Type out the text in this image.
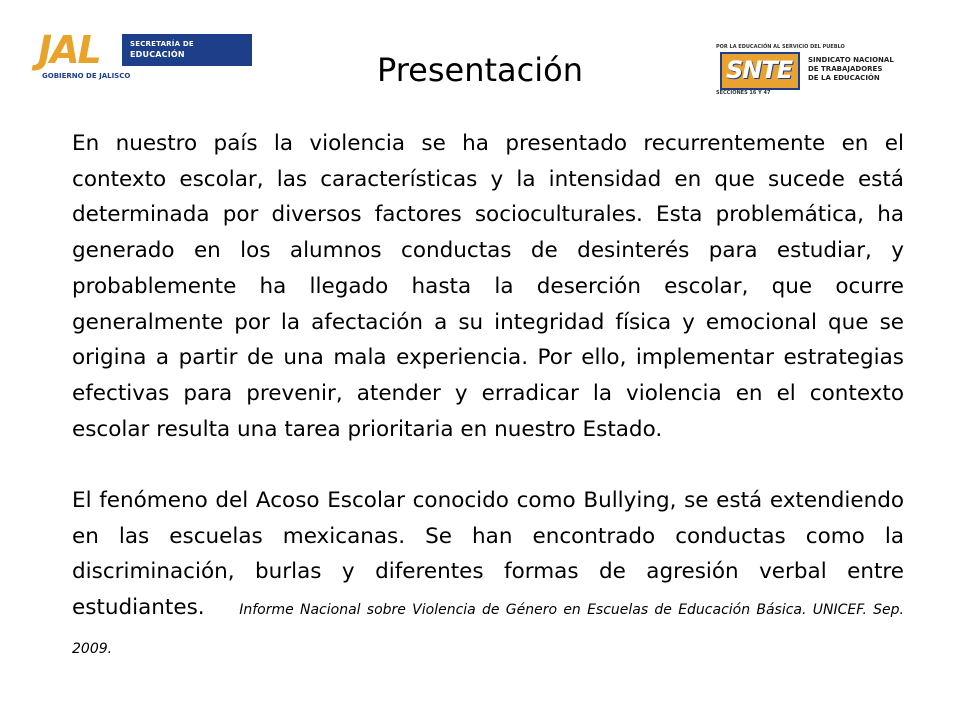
JAL	SECRETARÍA DE
EDUCACIÓN
GOBIERNO DE JALISCO	Presentación
POR LA EDUCACIÓN AL SERVICIO DEL PUEBLO
SNTE SINDICATO NACIONAL DE TRABAJADORES DE LA EDUCACIÓN
SECCIONES 16 Y 47

En nuestro país la violencia se ha presentado recurrentemente en el contexto escolar, las características y la intensidad en que sucede está determinada por diversos factores socioculturales. Esta problemática, ha generado en los alumnos conductas de desinterés para estudiar, y probablemente ha llegado hasta la deserción escolar, que ocurre generalmente por la afectación a su integridad física y emocional que se origina a partir de una mala experiencia. Por ello, implementar estrategias efectivas para prevenir, atender y erradicar la violencia en el contexto escolar resulta una tarea prioritaria en nuestro Estado.

El fenómeno del Acoso Escolar conocido como Bullying, se está extendiendo en las escuelas mexicanas. Se han encontrado conductas como la discriminación, burlas y diferentes formas de agresión verbal entre estudiantes. Informe Nacional sobre Violencia de Género en Escuelas de Educación Básica. UNICEF. Sep. 2009.
